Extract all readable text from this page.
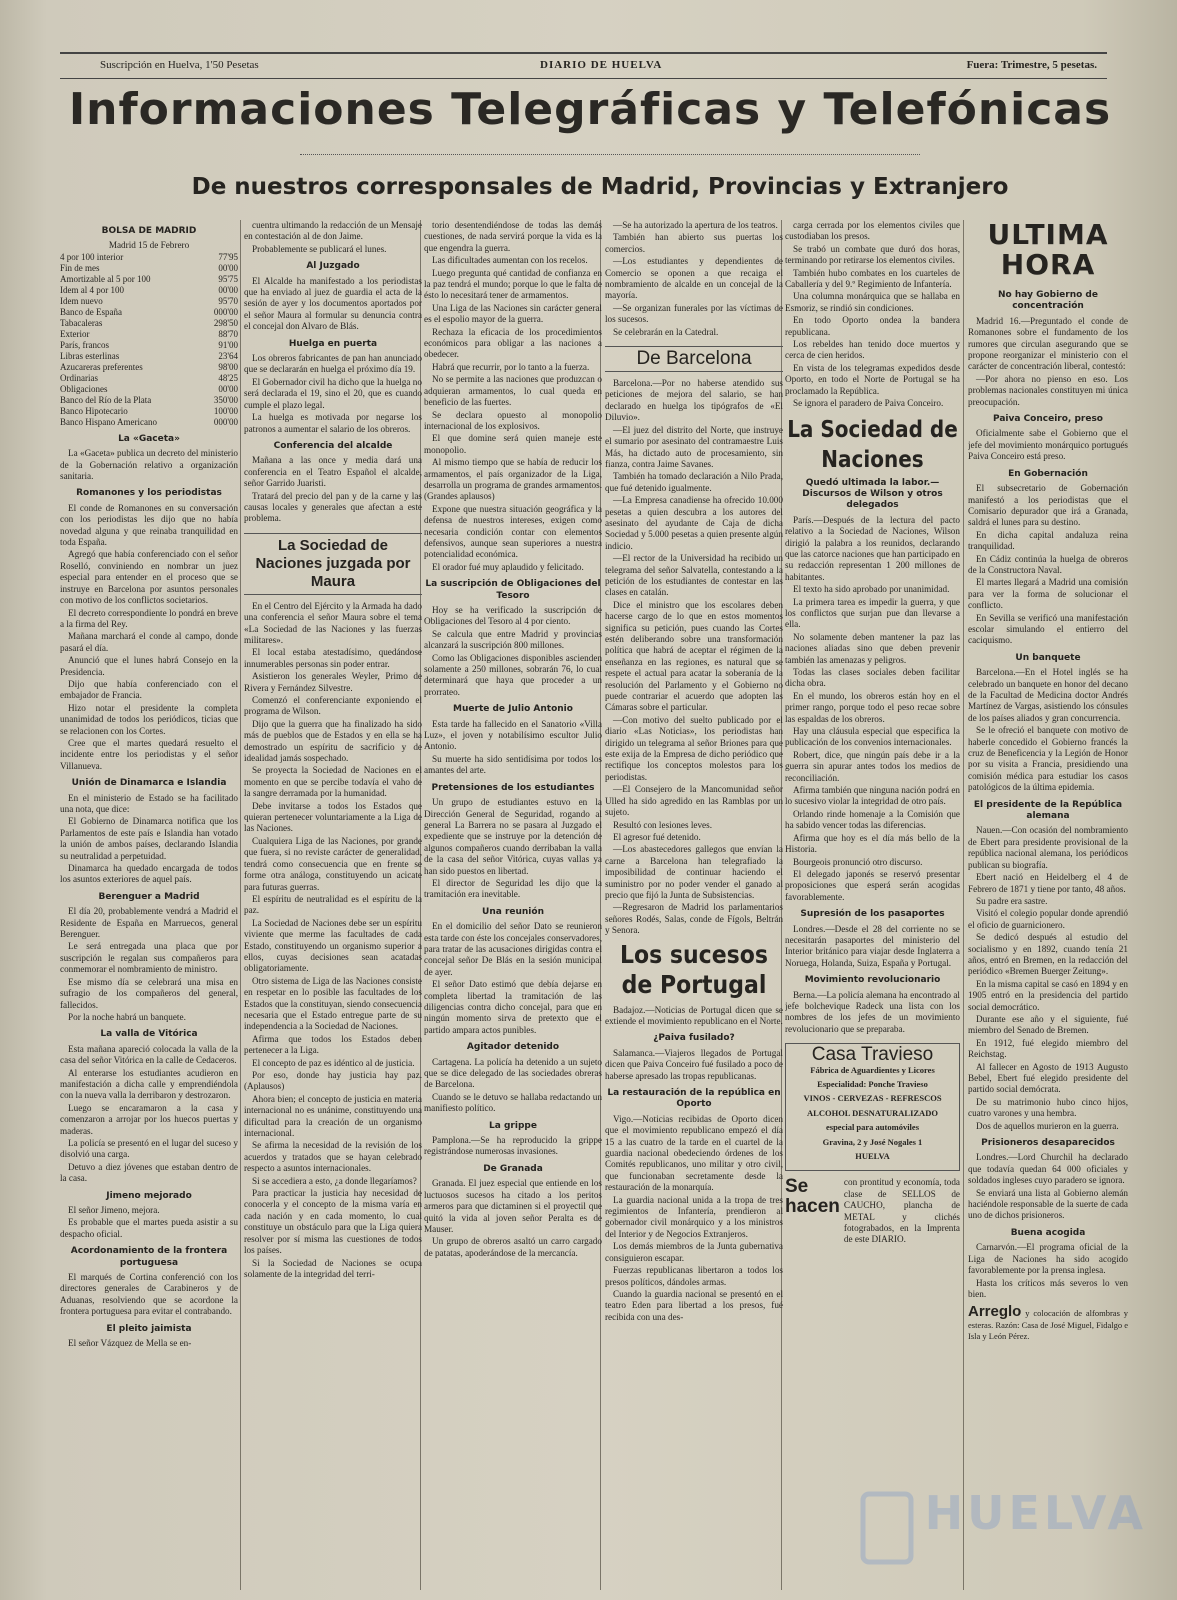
Suscripción en Huelva, 1'50 Pesetas	DIARIO DE HUELVA	Fuera: Trimestre, 5 pesetas.
Informaciones Telegráficas y Telefónicas
De nuestros corresponsales de Madrid, Provincias y Extranjero
BOLSA DE MADRID
Madrid 15 de Febrero
4 por 100 interior	77'95
Fin de mes	00'00
Amortizable al 5 por 100	95'75
Idem al 4 por 100	00'00
Idem nuevo	95'70
Banco de España	000'00
Tabacaleras	298'50
Exterior	88'70
París, francos	91'00
Libras esterlinas	23'64
Azucareras preferentes	98'00
Ordinarias	48'25
Obligaciones	00'00
Banco del Río de la Plata	350'00
Banco Hipotecario	100'00
Banco Hispano Americano	000'00
La «Gaceta»
La «Gaceta» publica un decreto del ministerio de la Gobernación relativo a organización sanitaria.
Romanones y los periodistas
El conde de Romanones en su conversación con los periodistas les dijo que no había novedad alguna y que reinaba tranquilidad en toda España.
Agregó que había conferenciado con el señor Roselló, conviniendo en nombrar un juez especial para entender en el proceso que se instruye en Barcelona por asuntos personales con motivo de los conflictos societarios.
El decreto correspondiente lo pondrá en breve a la firma del Rey.
Mañana marchará el conde al campo, donde pasará el día.
Anunció que el lunes habrá Consejo en la Presidencia.
Dijo que había conferenciado con el embajador de Francia.
Hizo notar el presidente la completa unanimidad de todos los periódicos, ticias que se relacionen con los Cortes.
Cree que el martes quedará resuelto el incidente entre los periodistas y el señor Villanueva.
Unión de Dinamarca e Islandia
En el ministerio de Estado se ha facilitado una nota, que dice:
El Gobierno de Dinamarca notifica que los Parlamentos de este país e Islandia han votado la unión de ambos países, declarando Islandia su neutralidad a perpetuidad.
Dinamarca ha quedado encargada de todos los asuntos exteriores de aquel país.
Berenguer a Madrid
El día 20, probablemente vendrá a Madrid el Residente de España en Marruecos, general Berenguer.
Le será entregada una placa que por suscripción le regalan sus compañeros para conmemorar el nombramiento de ministro.
Ese mismo día se celebrará una misa en sufragio de los compañeros del general, fallecidos.
Por la noche habrá un banquete.
La valla de Vitórica
Esta mañana apareció colocada la valla de la casa del señor Vitórica en la calle de Cedaceros.
Al enterarse los estudiantes acudieron en manifestación a dicha calle y emprendiéndola con la nueva valla la derribaron y destrozaron.
Luego se encaramaron a la casa y comenzaron a arrojar por los huecos puertas y maderas.
La policía se presentó en el lugar del suceso y disolvió una carga.
Detuvo a diez jóvenes que estaban dentro de la casa.
Jimeno mejorado
El señor Jimeno, mejora.
Es probable que el martes pueda asistir a su despacho oficial.
Acordonamiento de la frontera portuguesa
El marqués de Cortina conferenció con los directores generales de Carabineros y de Aduanas, resolviendo que se acordone la frontera portuguesa para evitar el contrabando.
El pleito jaimista
El señor Vázquez de Mella se en-
cuentra ultimando la redacción de un Mensaje en contestación al de don Jaime.
Probablemente se publicará el lunes.
Al Juzgado
El Alcalde ha manifestado a los periodistas que ha enviado al juez de guardia el acta de la sesión de ayer y los documentos aportados por el señor Maura al formular su denuncia contra el concejal don Alvaro de Blás.
Huelga en puerta
Los obreros fabricantes de pan han anunciado que se declararán en huelga el próximo día 19.
El Gobernador civil ha dicho que la huelga no será declarada el 19, sino el 20, que es cuando cumple el plazo legal.
La huelga es motivada por negarse los patronos a aumentar el salario de los obreros.
Conferencia del alcalde
Mañana a las once y media dará una conferencia en el Teatro Español el alcalde, señor Garrido Juaristi.
Tratará del precio del pan y de la carne y las causas locales y generales que afectan a este problema.
La Sociedad de Naciones juzgada por Maura
En el Centro del Ejército y la Armada ha dado una conferencia el señor Maura sobre el tema «La Sociedad de las Naciones y las fuerzas militares».
El local estaba atestadísimo, quedándose innumerables personas sin poder entrar.
Asistieron los generales Weyler, Primo de Rivera y Fernández Silvestre.
Comenzó el conferenciante exponiendo el programa de Wilson.
Dijo que la guerra que ha finalizado ha sido más de pueblos que de Estados y en ella se ha demostrado un espíritu de sacrificio y de idealidad jamás sospechado.
Se proyecta la Sociedad de Naciones en el momento en que se percibe todavía el vaho de la sangre derramada por la humanidad.
Debe invitarse a todos los Estados que quieran pertenecer voluntariamente a la Liga de las Naciones.
Cualquiera Liga de las Naciones, por grande que fuera, si no reviste carácter de generalidad, tendrá como consecuencia que en frente se forme otra análoga, constituyendo un acicate para futuras guerras.
El espíritu de neutralidad es el espíritu de la paz.
La Sociedad de Naciones debe ser un espíritu viviente que merme las facultades de cada Estado, constituyendo un organismo superior a ellos, cuyas decisiones sean acatadas obligatoriamente.
Otro sistema de Liga de las Naciones consiste en respetar en lo posible las facultades de los Estados que la constituyan, siendo consecuencia necesaria que el Estado entregue parte de su independencia a la Sociedad de Naciones.
Afirma que todos los Estados deben pertenecer a la Liga.
El concepto de paz es idéntico al de justicia.
Por eso, donde hay justicia hay paz. (Aplausos)
Ahora bien; el concepto de justicia en materia internacional no es unánime, constituyendo una dificultad para la creación de un organismo internacional.
Se afirma la necesidad de la revisión de los acuerdos y tratados que se hayan celebrado respecto a asuntos internacionales.
Si se accediera a esto, ¿a donde llegaríamos?
Para practicar la justicia hay necesidad de conocerla y el concepto de la misma varía en cada nación y en cada momento, lo cual constituye un obstáculo para que la Liga quiera resolver por sí misma las cuestiones de todos los países.
Si la Sociedad de Naciones se ocupa solamente de la integridad del terri-
torio desentendiéndose de todas las demás cuestiones, de nada servirá porque la vida es la que engendra la guerra.
Las dificultades aumentan con los recelos.
Luego pregunta qué cantidad de confianza en la paz tendrá el mundo; porque lo que le falta de ésto lo necesitará tener de armamentos.
Una Liga de las Naciones sin carácter general es el espolio mayor de la guerra.
Rechaza la eficacia de los procedimientos económicos para obligar a las naciones a obedecer.
Habrá que recurrir, por lo tanto a la fuerza.
No se permite a las naciones que produzcan o adquieran armamentos, lo cual queda en beneficio de las fuertes.
Se declara opuesto al monopolio internacional de los explosivos.
El que domine será quien maneje este monopolio.
Al mismo tiempo que se había de reducir los armamentos, el país organizador de la Liga, desarrolla un programa de grandes armamentos. (Grandes aplausos)
Expone que nuestra situación geográfica y la defensa de nuestros intereses, exigen como necesaria condición contar con elementos defensivos, aunque sean superiores a nuestra potencialidad económica.
El orador fué muy aplaudido y felicitado.
La suscripción de Obligaciones del Tesoro
Hoy se ha verificado la suscripción de Obligaciones del Tesoro al 4 por ciento.
Se calcula que entre Madrid y provincias alcanzará la suscripción 800 millones.
Como las Obligaciones disponibles ascienden solamente a 250 millones, sobrarán 76, lo cual determinará que haya que proceder a un prorrateo.
Muerte de Julio Antonio
Esta tarde ha fallecido en el Sanatorio «Villa Luz», el joven y notabilísimo escultor Julio Antonio.
Su muerte ha sido sentidísima por todos los amantes del arte.
Pretensiones de los estudiantes
Un grupo de estudiantes estuvo en la Dirección General de Seguridad, rogando al general La Barrera no se pasara al Juzgado el expediente que se instruye por la detención de algunos compañeros cuando derribaban la valla de la casa del señor Vitórica, cuyas vallas ya han sido puestos en libertad.
El director de Seguridad les dijo que la tramitación era inevitable.
Una reunión
En el domicilio del señor Dato se reunieron esta tarde con éste los concejales conservadores, para tratar de las acusaciones dirigidas contra el concejal señor De Blás en la sesión municipal de ayer.
El señor Dato estimó que debía dejarse en completa libertad la tramitación de las diligencias contra dicho concejal, para que en ningún momento sirva de pretexto que el partido ampara actos punibles.
Agitador detenido
Cartagena. La policía ha detenido a un sujeto que se dice delegado de las sociedades obreras de Barcelona.
Cuando se le detuvo se hallaba redactando un manifiesto político.
La grippe
Pamplona.—Se ha reproducido la grippe registrándose numerosas invasiones.
De Granada
Granada. El juez especial que entiende en los luctuosos sucesos ha citado a los peritos armeros para que dictaminen si el proyectil que quitó la vida al joven señor Peralta es de Mauser.
Un grupo de obreros asaltó un carro cargado de patatas, apoderándose de la mercancía.
—Se ha autorizado la apertura de los teatros.
También han abierto sus puertas los comercios.
—Los estudiantes y dependientes de Comercio se oponen a que recaiga el nombramiento de alcalde en un concejal de la mayoría.
—Se organizan funerales por las víctimas de los sucesos.
Se celebrarán en la Catedral.
De Barcelona
Barcelona.—Por no haberse atendido sus peticiones de mejora del salario, se han declarado en huelga los tipógrafos de «El Diluvio».
—El juez del distrito del Norte, que instruye el sumario por asesinato del contramaestre Luis Más, ha dictado auto de procesamiento, sin fianza, contra Jaime Savanes.
También ha tomado declaración a Nilo Prada, que fué detenido igualmente.
—La Empresa canadiense ha ofrecido 10.000 pesetas a quien descubra a los autores del asesinato del ayudante de Caja de dicha Sociedad y 5.000 pesetas a quien presente algún indicio.
—El rector de la Universidad ha recibido un telegrama del señor Salvatella, contestando a la petición de los estudiantes de contestar en las clases en catalán.
Dice el ministro que los escolares deben hacerse cargo de lo que en estos momentos significa su petición, pues cuando las Cortes estén deliberando sobre una transformación política que habrá de aceptar el régimen de la enseñanza en las regiones, es natural que se respete el actual para acatar la soberanía de la resolución del Parlamento y el Gobierno no puede contrariar el acuerdo que adopten las Cámaras sobre el particular.
—Con motivo del suelto publicado por el diario «Las Noticias», los periodistas han dirigido un telegrama al señor Briones para que este exija de la Empresa de dicho periódico que rectifique los conceptos molestos para los periodistas.
—El Consejero de la Mancomunidad señor Ulled ha sido agredido en las Ramblas por un sujeto.
Resultó con lesiones leves.
El agresor fué detenido.
—Los abastecedores gallegos que envían la carne a Barcelona han telegrafiado la imposibilidad de continuar haciendo el suministro por no poder vender el ganado al precio que fijó la Junta de Subsistencias.
—Regresaron de Madrid los parlamentarios señores Rodés, Salas, conde de Fígols, Beltrán y Senora.
Los sucesos de Portugal
Badajoz.—Noticias de Portugal dicen que se extiende el movimiento republicano en el Norte.
¿Paiva fusilado?
Salamanca.—Viajeros llegados de Portugal dicen que Paiva Conceiro fué fusilado a poco de haberse apresado las tropas republicanas.
La restauración de la república en Oporto
Vigo.—Noticias recibidas de Oporto dicen que el movimiento republicano empezó el día 15 a las cuatro de la tarde en el cuartel de la guardia nacional obedeciendo órdenes de los Comités republicanos, uno militar y otro civil, que funcionaban secretamente desde la restauración de la monarquía.
La guardia nacional unida a la tropa de tres regimientos de Infantería, prendieron al gobernador civil monárquico y a los ministros del Interior y de Negocios Extranjeros.
Los demás miembros de la Junta gubernativa consiguieron escapar.
Fuerzas republicanas libertaron a todos los presos políticos, dándoles armas.
Cuando la guardia nacional se presentó en el teatro Eden para libertad a los presos, fué recibida con una des-
carga cerrada por los elementos civiles que custodiaban los presos.
Se trabó un combate que duró dos horas, terminando por retirarse los elementos civiles.
También hubo combates en los cuarteles de Caballería y del 9.º Regimiento de Infantería.
Una columna monárquica que se hallaba en Esmoriz, se rindió sin condiciones.
En todo Oporto ondea la bandera republicana.
Los rebeldes han tenido doce muertos y cerca de cien heridos.
En vista de los telegramas expedidos desde Oporto, en todo el Norte de Portugal se ha proclamado la República.
Se ignora el paradero de Paiva Conceiro.
La Sociedad de Naciones
Quedó ultimada la labor.—Discursos de Wilson y otros delegados
París.—Después de la lectura del pacto relativo a la Sociedad de Naciones, Wilson dirigió la palabra a los reunidos, declarando que las catorce naciones que han participado en su redacción representan 1 200 millones de habitantes.
El texto ha sido aprobado por unanimidad.
La primera tarea es impedir la guerra, y que los conflictos que surjan pue dan llevarse a ella.
No solamente deben mantener la paz las naciones aliadas sino que deben prevenir también las amenazas y peligros.
Todas las clases sociales deben facilitar dicha obra.
En el mundo, los obreros están hoy en el primer rango, porque todo el peso recae sobre las espaldas de los obreros.
Hay una cláusula especial que especifica la publicación de los convenios internacionales.
Robert, dice, que ningún país debe ir a la guerra sin apurar antes todos los medios de reconciliación.
Afirma también que ninguna nación podrá en lo sucesivo violar la integridad de otro país.
Orlando rinde homenaje a la Comisión que ha sabido vencer todas las diferencias.
Afirma que hoy es el día más bello de la Historia.
Bourgeois pronunció otro discurso.
El delegado japonés se reservó presentar proposiciones que esperá serán acogidas favorablemente.
Supresión de los pasaportes
Londres.—Desde el 28 del corriente no se necesitarán pasaportes del ministerio del Interior británico para viajar desde Inglaterra a Noruega, Holanda, Suiza, España y Portugal.
Movimiento revolucionario
Berna.—La policía alemana ha encontrado al jefe bolchevique Radeck una lista con los nombres de los jefes de un movimiento revolucionario que se preparaba.
Casa Travieso
Fábrica de Aguardientes y Licores
Especialidad: Ponche Travieso
VINOS - CERVEZAS - REFRESCOS
ALCOHOL DESNATURALIZADO
especial para automóviles
Gravina, 2 y José Nogales 1
HUELVA
Se hacen
con prontitud y economía, toda clase de SELLOS de CAUCHO, plancha de METAL y clichés fotograbados, en la Imprenta de este DIARIO.
ULTIMA HORA
No hay Gobierno de concentración
Madrid 16.—Preguntado el conde de Romanones sobre el fundamento de los rumores que circulan asegurando que se propone reorganizar el ministerio con el carácter de concentración liberal, contestó:
—Por ahora no pienso en eso. Los problemas nacionales constituyen mi única preocupación.
Paiva Conceiro, preso
Oficialmente sabe el Gobierno que el jefe del movimiento monárquico portugués Paiva Conceiro está preso.
En Gobernación
El subsecretario de Gobernación manifestó a los periodistas que el Comisario depurador que irá a Granada, saldrá el lunes para su destino.
En dicha capital andaluza reina tranquilidad.
En Cádiz continúa la huelga de obreros de la Constructora Naval.
El martes llegará a Madrid una comisión para ver la forma de solucionar el conflicto.
En Sevilla se verificó una manifestación escolar simulando el entierro del caciquismo.
Un banquete
Barcelona.—En el Hotel inglés se ha celebrado un banquete en honor del decano de la Facultad de Medicina doctor Andrés Martínez de Vargas, asistiendo los cónsules de los países aliados y gran concurrencia.
Se le ofreció el banquete con motivo de haberle concedido el Gobierno francés la cruz de Beneficencia y la Legión de Honor por su visita a Francia, presidiendo una comisión médica para estudiar los casos patológicos de la última epidemia.
El presidente de la República alemana
Nauen.—Con ocasión del nombramiento de Ebert para presidente provisional de la república nacional alemana, los periódicos publican su biografía.
Ebert nació en Heidelberg el 4 de Febrero de 1871 y tiene por tanto, 48 años.
Su padre era sastre.
Visitó el colegio popular donde aprendió el oficio de guarnicionero.
Se dedicó después al estudio del socialismo y en 1892, cuando tenía 21 años, entró en Bremen, en la redacción del periódico «Bremen Buerger Zeitung».
En la misma capital se casó en 1894 y en 1905 entró en la presidencia del partido social democrático.
Durante ese año y el siguiente, fué miembro del Senado de Bremen.
En 1912, fué elegido miembro del Reichstag.
Al fallecer en Agosto de 1913 Augusto Bebel, Ebert fué elegido presidente del partido social demócrata.
De su matrimonio hubo cinco hijos, cuatro varones y una hembra.
Dos de aquellos murieron en la guerra.
Prisioneros desaparecidos
Londres.—Lord Churchil ha declarado que todavía quedan 64 000 oficiales y soldados ingleses cuyo paradero se ignora.
Se enviará una lista al Gobierno alemán haciéndole responsable de la suerte de cada uno de dichos prisioneros.
Buena acogida
Carnarvón.—El programa oficial de la Liga de Naciones ha sido acogido favorablemente por la prensa inglesa.
Hasta los críticos más severos lo ven bien.
Arreglo y colocación de alfombras y esteras. Razón: Casa de José Miguel, Fidalgo e Isla y León Pérez.
HUELVA
